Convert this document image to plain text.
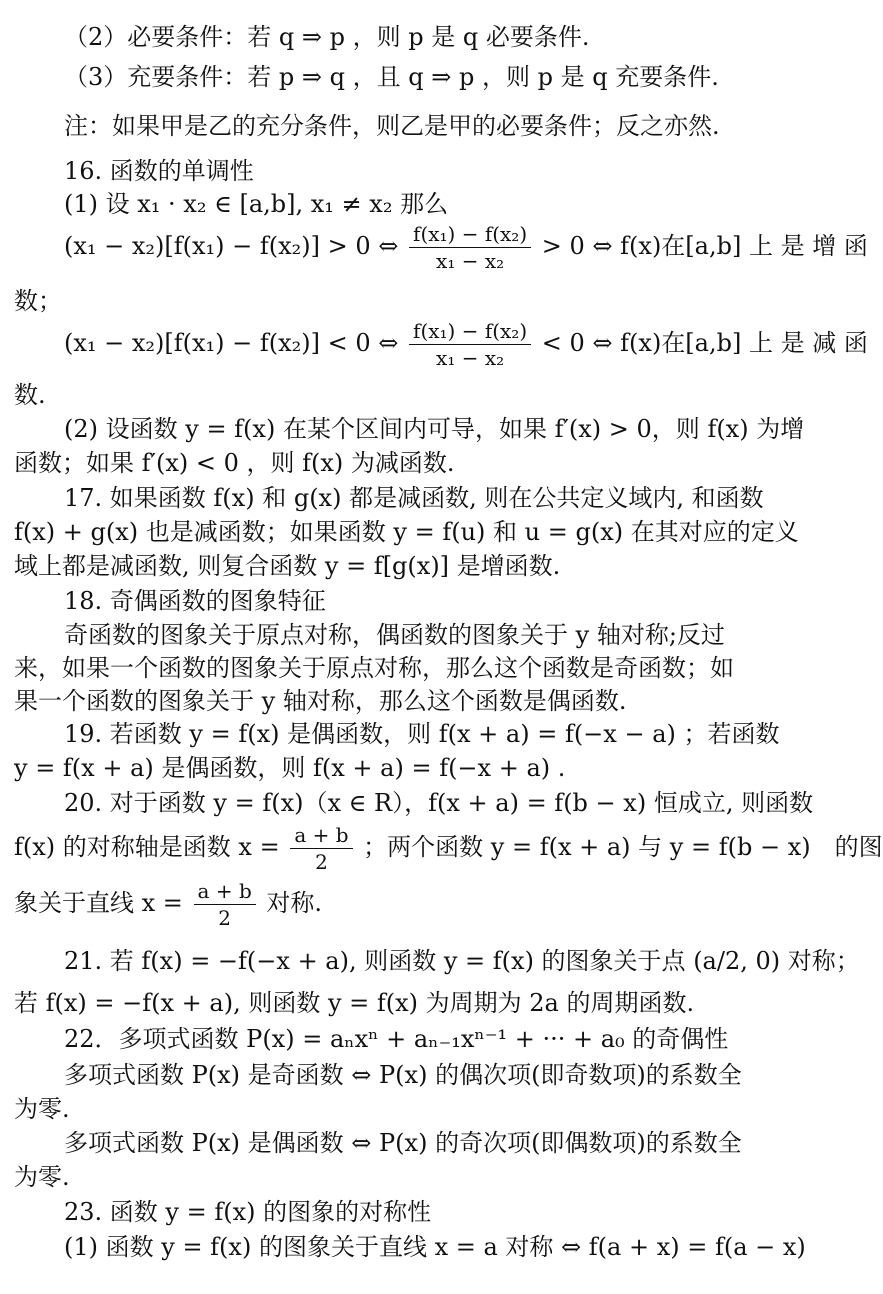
（2）必要条件：若 q ⇒ p ，则 p 是 q 必要条件.
（3）充要条件：若 p ⇒ q ，且 q ⇒ p ，则 p 是 q 充要条件.
注：如果甲是乙的充分条件，则乙是甲的必要条件；反之亦然.
16. 函数的单调性
(1) 设 x₁ · x₂ ∈ [a,b], x₁ ≠ x₂ 那么
(x₁ − x₂)[f(x₁) − f(x₂)] > 0 ⇔ $\frac{\text{f(x₁) − f(x₂)}}{\text{x₁ − x₂}} > 0$ ⇔ f(x)在[a,b] 上 是 增 函
数；
(x₁ − x₂)[f(x₁) − f(x₂)] < 0 ⇔ $\frac{\text{f(x₁) − f(x₂)}}{\text{x₁ − x₂}} < 0$ ⇔ f(x)在[a,b] 上 是 减 函
数.
(2) 设函数 y = f(x) 在某个区间内可导，如果 f′(x) > 0，则 f(x) 为增
函数；如果 f′(x) < 0 ，则 f(x) 为减函数.
17. 如果函数 f(x) 和 g(x) 都是减函数, 则在公共定义域内, 和函数
f(x) + g(x) 也是减函数；如果函数 y = f(u) 和 u = g(x) 在其对应的定义
域上都是减函数, 则复合函数 y = f[g(x)] 是增函数.
18. 奇偶函数的图象特征
奇函数的图象关于原点对称，偶函数的图象关于 y 轴对称;反过
来，如果一个函数的图象关于原点对称，那么这个函数是奇函数；如
果一个函数的图象关于 y 轴对称，那么这个函数是偶函数.
19. 若函数 y = f(x) 是偶函数，则 f(x + a) = f(−x − a) ；若函数
y = f(x + a) 是偶函数，则 f(x + a) = f(−x + a) .
20. 对于函数 y = f(x)（x ∈ R），f(x + a) = f(b − x) 恒成立, 则函数
f(x) 的对称轴是函数 $x = \frac{a + b}{2}$ ；两个函数 y = f(x + a) 与 y = f(b − x)　的图
象关于直线 $x = \frac{a + b}{2}$ 对称.
21. 若 f(x) = −f(−x + a), 则函数 y = f(x) 的图象关于点 (a/2, 0) 对称；
若 f(x) = −f(x + a), 则函数 y = f(x) 为周期为 2a 的周期函数.
22．多项式函数 P(x) = aₙxⁿ + aₙ₋₁xⁿ⁻¹ + ··· + a₀ 的奇偶性
多项式函数 P(x) 是奇函数 ⇔ P(x) 的偶次项(即奇数项)的系数全
为零.
多项式函数 P(x) 是偶函数 ⇔ P(x) 的奇次项(即偶数项)的系数全
为零.
23. 函数 y = f(x) 的图象的对称性
(1) 函数 y = f(x) 的图象关于直线 x = a 对称 ⇔ f(a + x) = f(a − x)
